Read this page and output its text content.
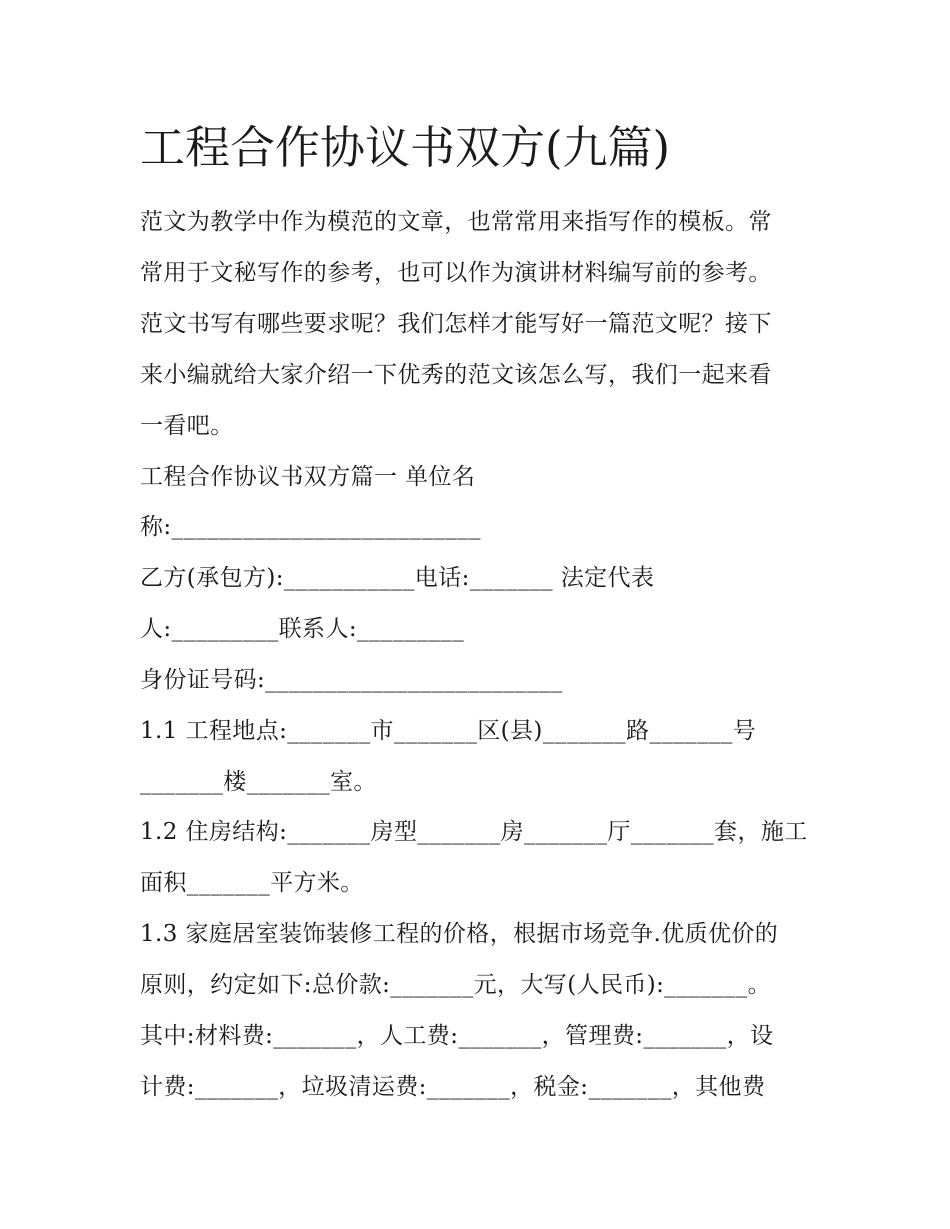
工程合作协议书双方(九篇)
范文为教学中作为模范的文章，也常常用来指写作的模板。常
常用于文秘写作的参考，也可以作为演讲材料编写前的参考。
范文书写有哪些要求呢？我们怎样才能写好一篇范文呢？接下
来小编就给大家介绍一下优秀的范文该怎么写，我们一起来看
一看吧。
工程合作协议书双方篇一 单位名
称:__________________________
乙方(承包方):___________电话:_______ 法定代表
人:_________联系人:_________
身份证号码:_________________________
1.1 工程地点:_______市_______区(县)_______路_______号
_______楼_______室。
1.2 住房结构:_______房型_______房_______厅_______套，施工
面积_______平方米。
1.3 家庭居室装饰装修工程的价格，根据市场竞争.优质优价的
原则，约定如下:总价款:_______元，大写(人民币):_______。
其中:材料费:_______，人工费:_______，管理费:_______，设
计费:_______，垃圾清运费:_______，税金:_______，其他费
